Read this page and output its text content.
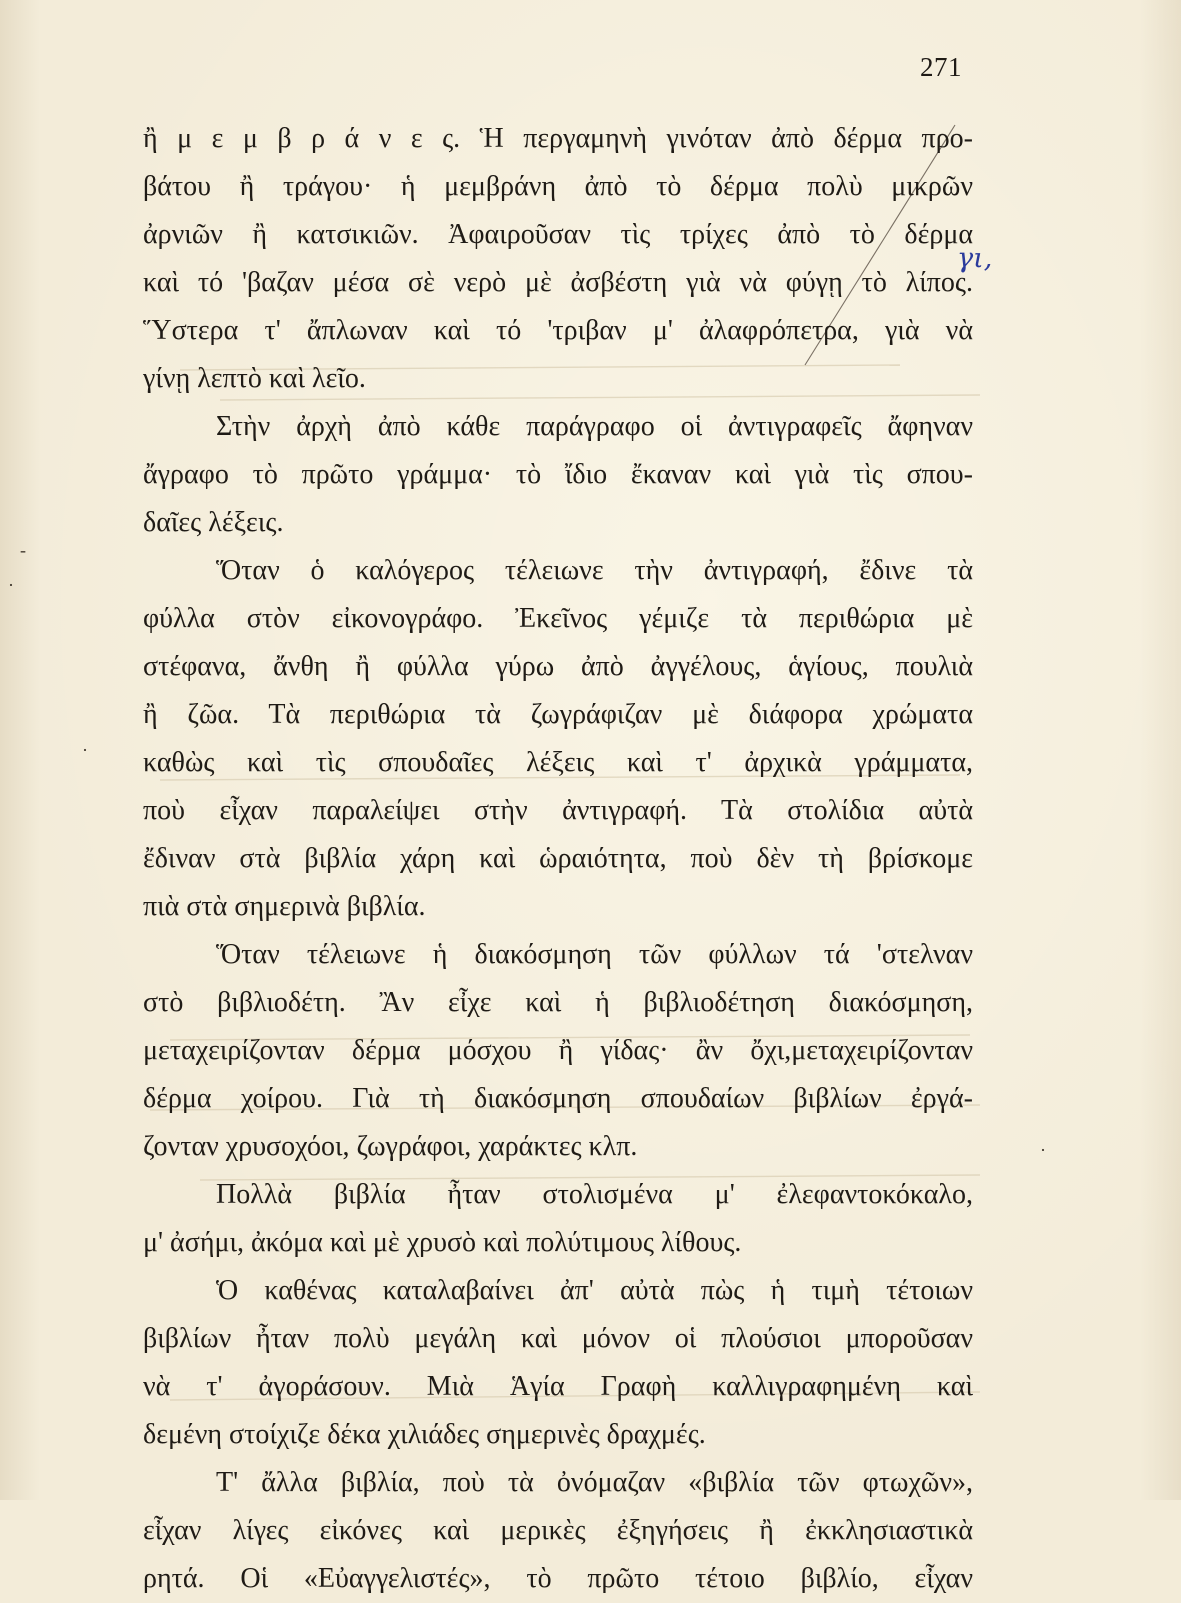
271
γι,
-
·
·
·
ἢ μ ε μ β ρ ά ν ε ς. Ἡ περγαμηνὴ γινόταν ἀπὸ δέρμα προ-
βάτου ἢ τράγου· ἡ μεμβράνη ἀπὸ τὸ δέρμα πολὺ μικρῶν
ἀρνιῶν ἢ κατσικιῶν. Ἀφαιροῦσαν τὶς τρίχες ἀπὸ τὸ δέρμα
καὶ τό 'βαζαν μέσα σὲ νερὸ μὲ ἀσβέστη γιὰ νὰ φύγῃ τὸ λίπος.
Ὕστερα τ' ἄπλωναν καὶ τό 'τριβαν μ' ἀλαφρόπετρα, γιὰ νὰ
γίνῃ λεπτὸ καὶ λεῖο.
Στὴν ἀρχὴ ἀπὸ κάθε παράγραφο οἱ ἀντιγραφεῖς ἄφηναν
ἄγραφο τὸ πρῶτο γράμμα· τὸ ἴδιο ἔκαναν καὶ γιὰ τὶς σπου-
δαῖες λέξεις.
Ὅταν ὁ καλόγερος τέλειωνε τὴν ἀντιγραφή, ἔδινε τὰ
φύλλα στὸν εἰκονογράφο. Ἐκεῖνος γέμιζε τὰ περιθώρια μὲ
στέφανα, ἄνθη ἢ φύλλα γύρω ἀπὸ ἀγγέλους, ἁγίους, πουλιὰ
ἢ ζῶα. Τὰ περιθώρια τὰ ζωγράφιζαν μὲ διάφορα χρώματα
καθὼς καὶ τὶς σπουδαῖες λέξεις καὶ τ' ἀρχικὰ γράμματα,
ποὺ εἶχαν παραλείψει στὴν ἀντιγραφή. Τὰ στολίδια αὐτὰ
ἔδιναν στὰ βιβλία χάρη καὶ ὡραιότητα, ποὺ δὲν τὴ βρίσκομε
πιὰ στὰ σημερινὰ βιβλία.
Ὅταν τέλειωνε ἡ διακόσμηση τῶν φύλλων τά 'στελναν
στὸ βιβλιοδέτη. Ἂν εἶχε καὶ ἡ βιβλιοδέτηση διακόσμηση,
μεταχειρίζονταν δέρμα μόσχου ἢ γίδας· ἂν ὄχι,μεταχειρίζονταν
δέρμα χοίρου. Γιὰ τὴ διακόσμηση σπουδαίων βιβλίων ἐργά-
ζονταν χρυσοχόοι, ζωγράφοι, χαράκτες κλπ.
Πολλὰ βιβλία ἦταν στολισμένα μ' ἐλεφαντοκόκαλο,
μ' ἀσήμι, ἀκόμα καὶ μὲ χρυσὸ καὶ πολύτιμους λίθους.
Ὁ καθένας καταλαβαίνει ἀπ' αὐτὰ πὼς ἡ τιμὴ τέτοιων
βιβλίων ἦταν πολὺ μεγάλη καὶ μόνον οἱ πλούσιοι μποροῦσαν
νὰ τ' ἀγοράσουν. Μιὰ Ἁγία Γραφὴ καλλιγραφημένη καὶ
δεμένη στοίχιζε δέκα χιλιάδες σημερινὲς δραχμές.
Τ' ἄλλα βιβλία, ποὺ τὰ ὀνόμαζαν «βιβλία τῶν φτωχῶν»,
εἶχαν λίγες εἰκόνες καὶ μερικὲς ἐξηγήσεις ἢ ἐκκλησιαστικὰ
ρητά. Οἱ «Εὐαγγελιστές», τὸ πρῶτο τέτοιο βιβλίο, εἶχαν
